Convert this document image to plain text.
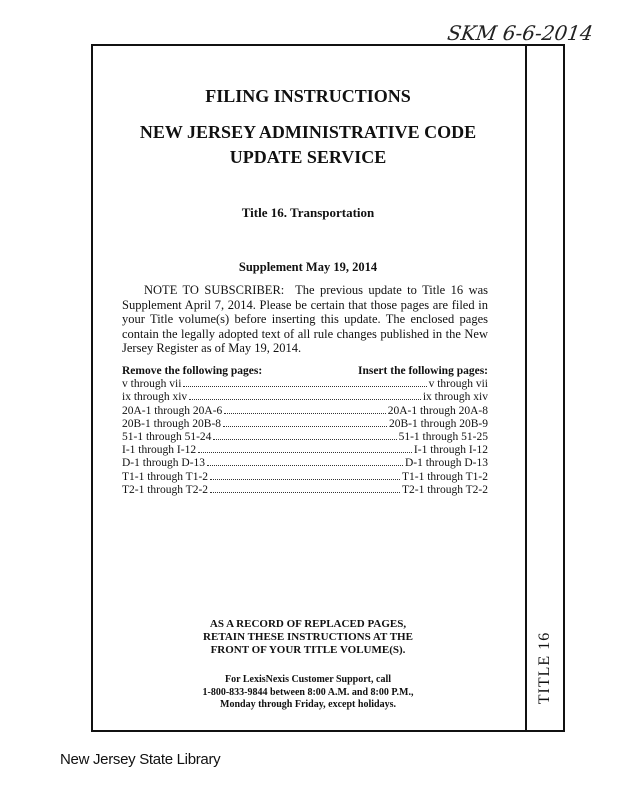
SKM 6-6-2014
TITLE 16
FILING INSTRUCTIONS
NEW JERSEY ADMINISTRATIVE CODE
UPDATE SERVICE
Title 16. Transportation
Supplement May 19, 2014
NOTE TO SUBSCRIBER: The previous update to Title 16 was Supplement April 7, 2014. Please be certain that those pages are filed in your Title volume(s) before inserting this update. The enclosed pages contain the legally adopted text of all rule changes published in the New Jersey Register as of May 19, 2014.
Remove the following pages:	Insert the following pages:
v through vii	v through vii
ix through xiv	ix through xiv
20A-1 through 20A-6	20A-1 through 20A-8
20B-1 through 20B-8	20B-1 through 20B-9
51-1 through 51-24	51-1 through 51-25
I-1 through I-12	I-1 through I-12
D-1 through D-13	D-1 through D-13
T1-1 through T1-2	T1-1 through T1-2
T2-1 through T2-2	T2-1 through T2-2
AS A RECORD OF REPLACED PAGES,
RETAIN THESE INSTRUCTIONS AT THE
FRONT OF YOUR TITLE VOLUME(S).
For LexisNexis Customer Support, call
1-800-833-9844 between 8:00 A.M. and 8:00 P.M.,
Monday through Friday, except holidays.
New Jersey State Library
